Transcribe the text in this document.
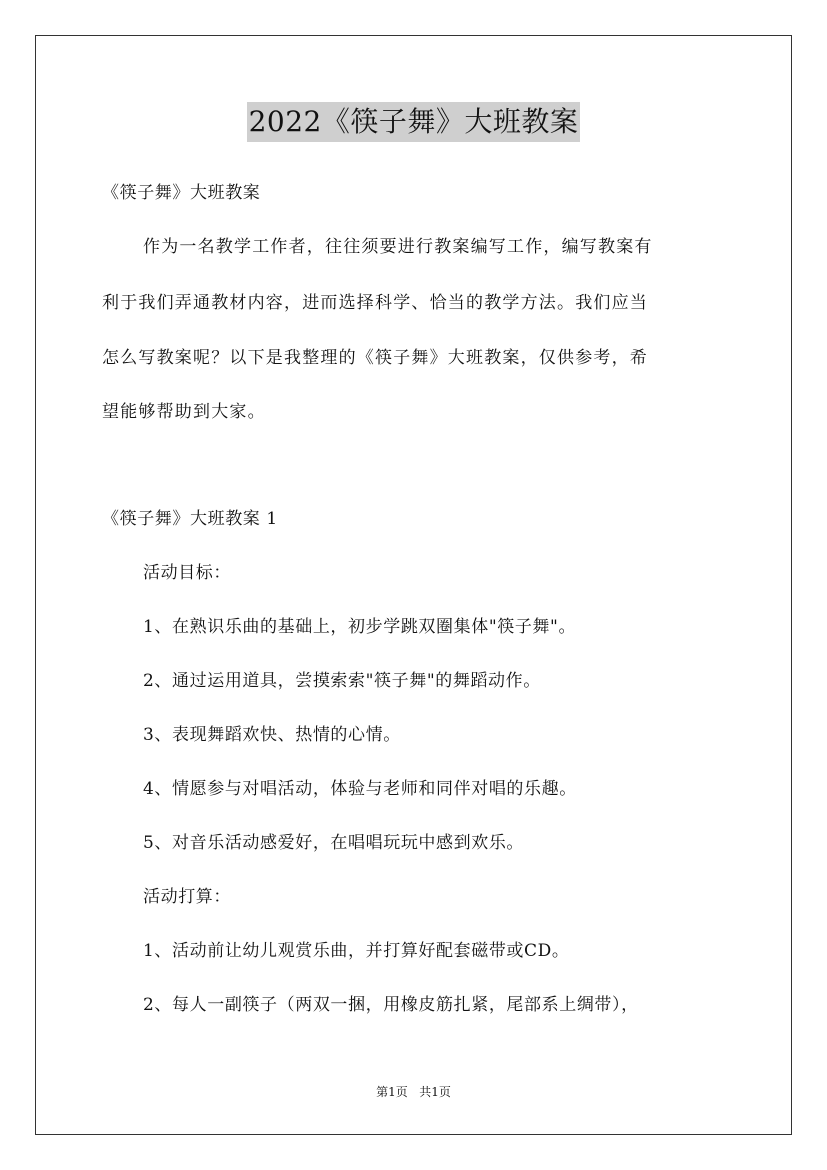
2022《筷子舞》大班教案
《筷子舞》大班教案
作为一名教学工作者，往往须要进行教案编写工作，编写教案有
利于我们弄通教材内容，进而选择科学、恰当的教学方法。我们应当
怎么写教案呢？以下是我整理的《筷子舞》大班教案，仅供参考，希
望能够帮助到大家。
《筷子舞》大班教案 1
活动目标：
1、在熟识乐曲的基础上，初步学跳双圈集体"筷子舞"。
2、通过运用道具，尝摸索索"筷子舞"的舞蹈动作。
3、表现舞蹈欢快、热情的心情。
4、情愿参与对唱活动，体验与老师和同伴对唱的乐趣。
5、对音乐活动感爱好，在唱唱玩玩中感到欢乐。
活动打算：
1、活动前让幼儿观赏乐曲，并打算好配套磁带或CD。
2、每人一副筷子（两双一捆，用橡皮筋扎紧，尾部系上绸带），
第1页 共1页
